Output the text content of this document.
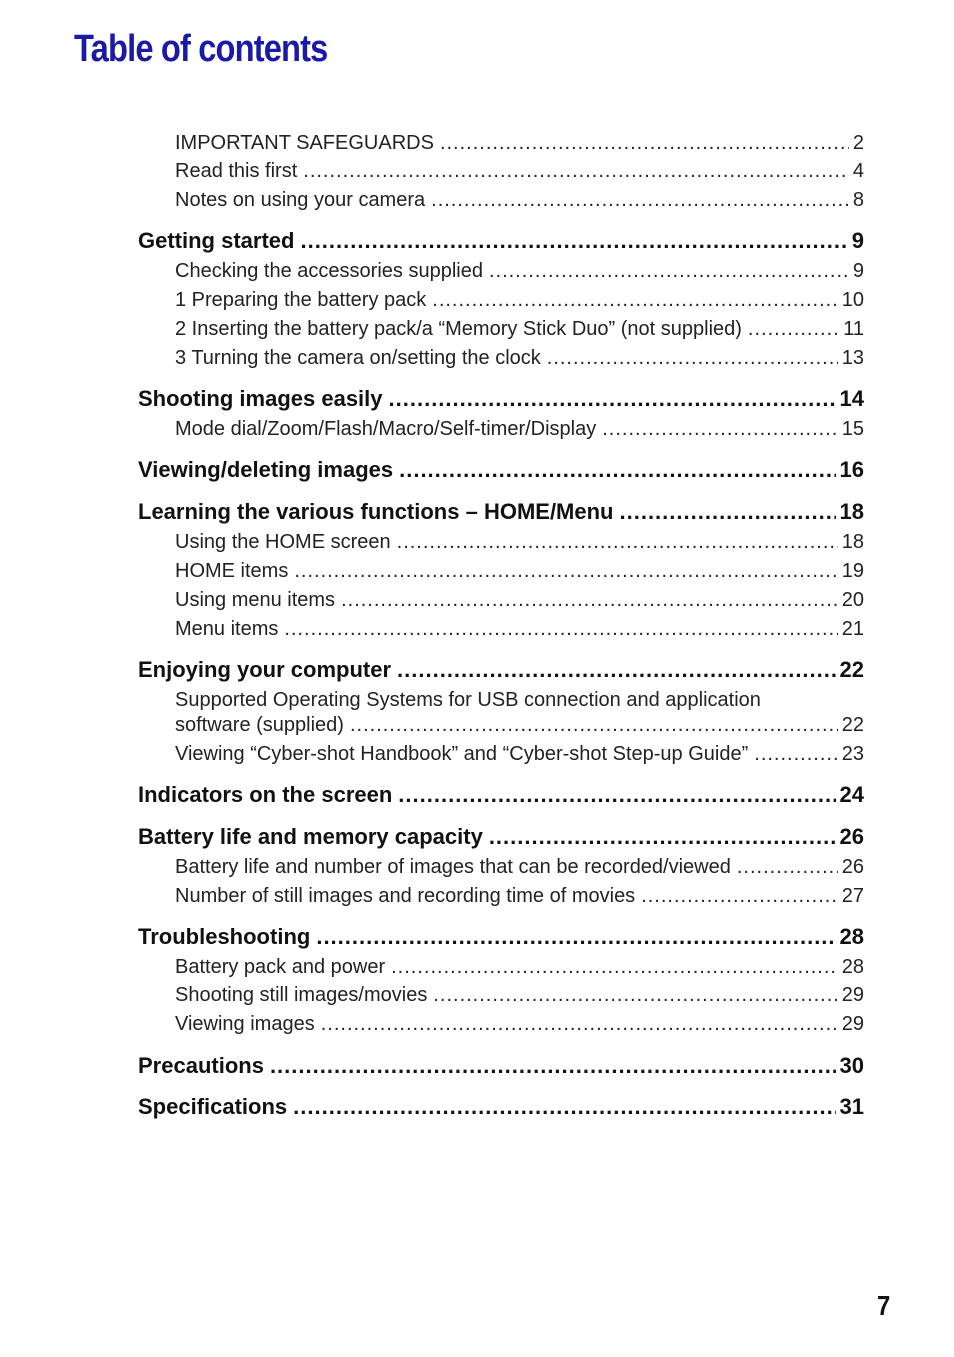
Table of contents
IMPORTANT SAFEGUARDS .....	2
Read this first .....	4
Notes on using your camera .....	8
Getting started .....	9
Checking the accessories supplied .....	9
1 Preparing the battery pack .....	10
2 Inserting the battery pack/a “Memory Stick Duo” (not supplied) .....	11
3 Turning the camera on/setting the clock .....	13
Shooting images easily .....	14
Mode dial/Zoom/Flash/Macro/Self-timer/Display .....	15
Viewing/deleting images .....	16
Learning the various functions – HOME/Menu .....	18
Using the HOME screen .....	18
HOME items .....	19
Using menu items .....	20
Menu items .....	21
Enjoying your computer .....	22
Supported Operating Systems for USB connection and application
software (supplied) .....	22
Viewing “Cyber-shot Handbook” and “Cyber-shot Step-up Guide” .....	23
Indicators on the screen .....	24
Battery life and memory capacity .....	26
Battery life and number of images that can be recorded/viewed .....	26
Number of still images and recording time of movies .....	27
Troubleshooting .....	28
Battery pack and power .....	28
Shooting still images/movies .....	29
Viewing images .....	29
Precautions .....	30
Specifications .....	31
7
